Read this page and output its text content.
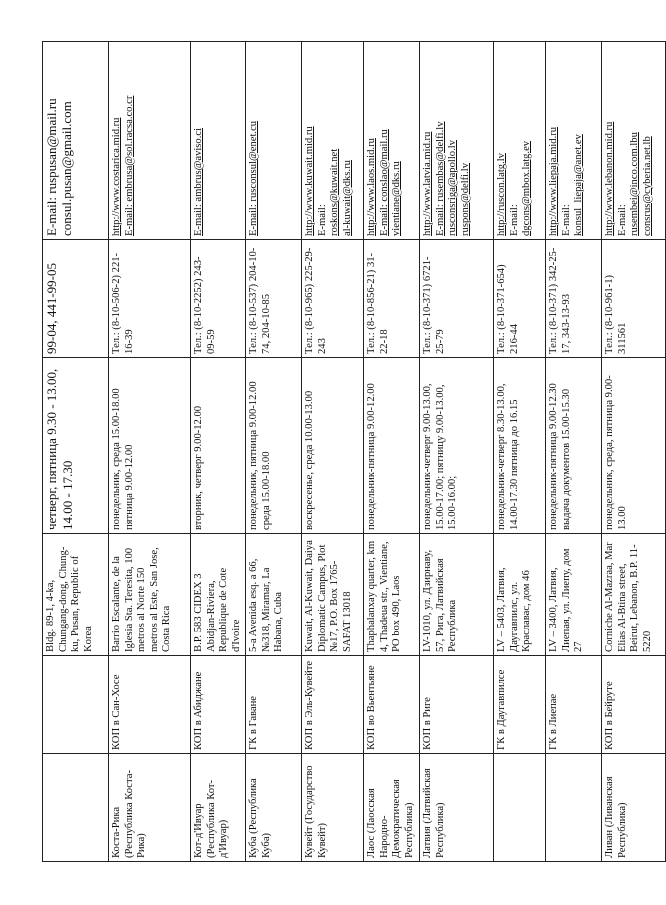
		Bldg. 89-1, 4-ka, Chungang-dong, Chung-ku, Pusan, Republic of Korea	четверг, пятница 9.30 - 13.00, 14.00 - 17.30	99-04, 441-99-05	E-mail: ruspusan@mail.ru consul.pusan@gmail.com

Коста-Рика (Республика Коста-Рика)	КОП в Сан-Хосе	Barrio Escalante, de la Iglesia Sta. Teresita, 100 metros al Norte 150 metros al Este, San Jose, Costa Rica	понедельник, среда 15.00-18.00 пятница 9.00-12.00	Тел.: (8-10-506-2) 221-16-39	http://www.costarica.mid.ru E-mail: embrusa@sol.racsa.co.cr

Кот-д'Ивуар (Республика Кот-д'Ивуар)	КОП в Абиджане	B.P. 583 CIDEX 3 Abidjan-Riviera, Republique de Cote d'Ivoire	вторник, четверг 9.00-12.00	Тел.: (8-10-2252) 243-09-59	E-mail: ambrus@aviso.ci

Куба (Республика Куба)	ГК в Гаване	5-a Avenida esq. a 66, №318, Miramar, La Habana, Cuba	понедельник, пятница 9.00-12.00 среда 15.00-18.00	Тел.: (8-10-537) 204-10-74, 204-10-85	E-mail: rusconsul@enet.cu

Кувейт (Государство Кувейт)	КОП в Эль-Кувейте	Kuwait, Al-Kuwait, Daiya Diplomatic Campus, Plot №17, P.O. Box 1765- SAFAT 13018	воскресенье, среда 10.00-13.00	Тел.: (8-10-965) 225-29-243	http://www.kuwait.mid.ru E-mail: roskons@kuwait.net al-kuwait@dks.ru

Лаос (Лаосская Народно-Демократическая Республика)	КОП во Вьентьяне	Thaphalanxay quarter, km 4, Thadeua str., Vientiane, PO box 490, Laos	понедельник-пятница 9.00-12.00	Тел.: (8-10-856-21) 31-22-18	http://www.laos.mid.ru E-mail: conslao@mail.ru vientiane@dks.ru

Латвия (Латвийская Республика)	КОП в Риге	LV-1010, ул. Дзирнаву, 57, Рига, Латвийская Республика	понедельник-четверг 9.00-13.00, 15.00-17.00; пятницу 9.00-13.00, 15.00-16.00;	Тел.: (8-10-371) 6721-25-79	http://www.latvia.mid.ru E-mail: rusembas@delfi.lv rusconsriga@apollo.lv ruspons@delfi.lv

	ГК в Даугавпилсе	LV – 5403, Латвия, Даугавпилс, ул. Краславас, дом 46	понедельник-четверг 8.30-13.00, 14.00-17.30 пятница до 16.15	Тел.: (8-10-371-654) 216-44	http://ruscon.latg.lv E-mail: dgcons@mbox.latg.ev

	ГК в Лиепае	LV – 3400, Латвия, Лиепая, ул. Лиепу, дом 27	понедельник-пятница 9.00-12.30 выдача документов 15.00-15.30	Тел.: (8-10-371) 342-25-17, 343-13-93	http://www.liepaja.mid.ru E-mail: konsul_liepaja@anet.ev

Ливан (Ливанская Республика)	КОП в Бейруте	Corniche Al-Mazraa, Mar Elias Al-Btina street, Beirut, Lebanon, B.P. 11-5220	понедельник, среда, пятница 9.00-13.00	Тел.: (8-10-961-1) 311561	http://www.lebanon.mid.ru E-mail: rusembei@inco.com.lbu consrus@cyberia.net.lb
